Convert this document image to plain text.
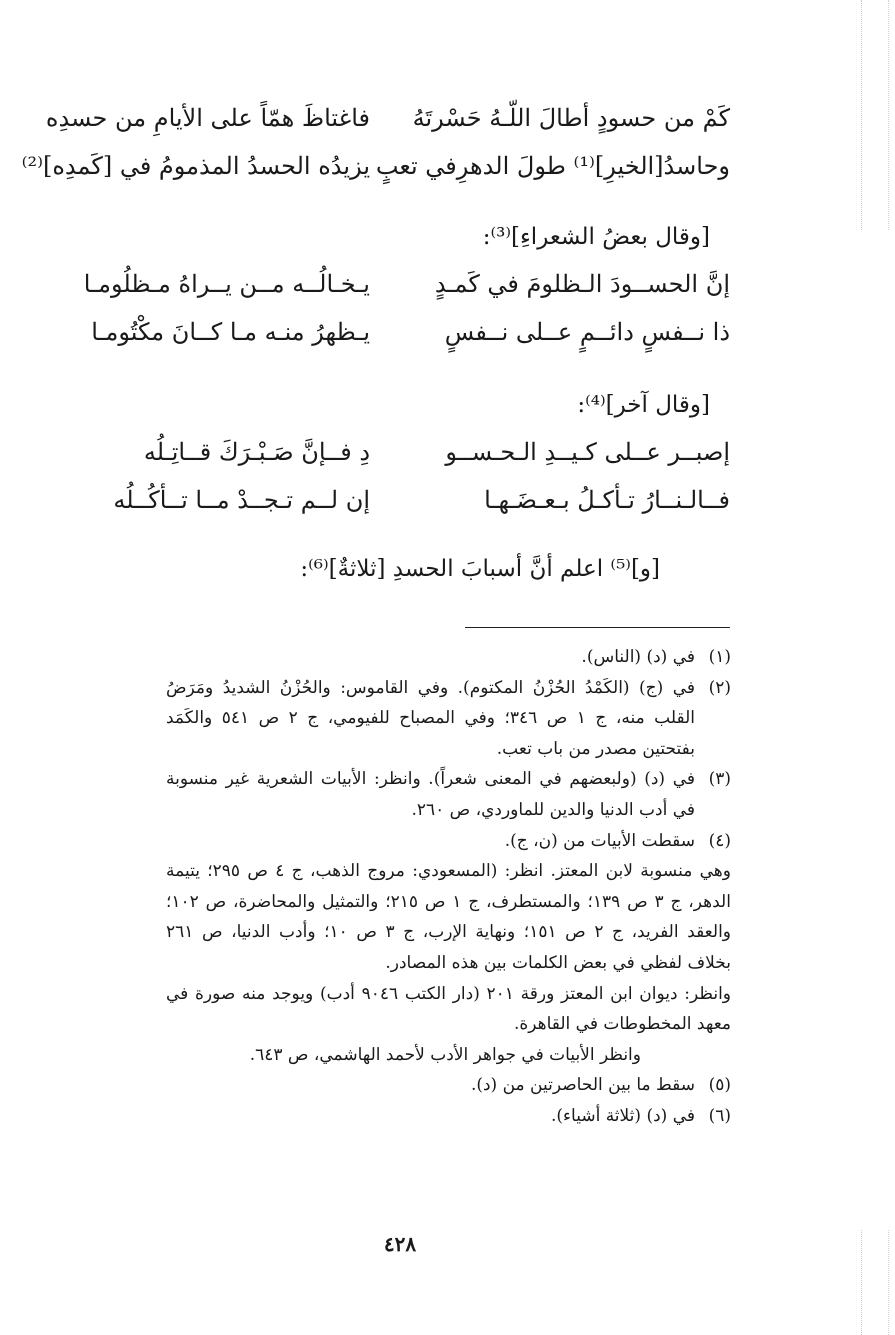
كَمْ من حسودٍ أطالَ اللّـهُ حَسْرتَهُ
فاغتاظَ همّاً على الأيامِ من حسدِه
وحاسدُ[الخيرِ]⁽¹⁾ طولَ الدهرِفي تعبٍ
يزيدُه الحسدُ المذمومُ في [كَمدِه]⁽²⁾
[وقال بعضُ الشعراءِ]⁽³⁾:
إنَّ الحســودَ الـظلومَ في كَمـدٍ
يـخـالُــه مــن يــراهُ مـظلُومـا
ذا نــفسٍ دائــمٍ عــلى نــفسٍ
يـظهرُ منـه مـا كــانَ مكْتُومـا
[وقال آخر]⁽⁴⁾:
إصبــر عــلى كـيــدِ الـحـســو
دِ فــإنَّ صَـبْـرَكَ قــاتِـلُه
فــالـنــارُ تـأكـلُ بـعـضَـهـا
إن لــم تـجــدْ مــا تــأكُــلُه
[و]⁽⁵⁾ اعلم أنَّ أسبابَ الحسدِ [ثلاثةٌ]⁽⁶⁾:
(١)
في (د) (الناس).
(٢)
في (ج) (الكَمْدُ الحُزْنُ المكتوم). وفي القاموس: والحُزْنُ الشديدُ ومَرَضُ القلب منه، ج ١ ص ٣٤٦؛ وفي المصباح للفيومي، ج ٢ ص ٥٤١ والكَمَد بفتحتين مصدر من باب تعب.
(٣)
في (د) (ولبعضهم في المعنى شعراً). وانظر: الأبيات الشعرية غير منسوبة في أدب الدنيا والدين للماوردي، ص ٢٦٠.
(٤)
سقطت الأبيات من (ن، ج).
وهي منسوبة لابن المعتز. انظر: (المسعودي: مروج الذهب، ج ٤ ص ٢٩٥؛ يتيمة الدهر، ج ٣ ص ١٣٩؛ والمستطرف، ج ١ ص ٢١٥؛ والتمثيل والمحاضرة، ص ١٠٢؛ والعقد الفريد، ج ٢ ص ١٥١؛ ونهاية الإرب، ج ٣ ص ١٠؛ وأدب الدنيا، ص ٢٦١ بخلاف لفظي في بعض الكلمات بين هذه المصادر.
وانظر: ديوان ابن المعتز ورقة ٢٠١ (دار الكتب ٩٠٤٦ أدب) ويوجد منه صورة في معهد المخطوطات في القاهرة.
وانظر الأبيات في جواهر الأدب لأحمد الهاشمي، ص ٦٤٣.
(٥)
سقط ما بين الحاصرتين من (د).
(٦)
في (د) (ثلاثة أشياء).
٤٢٨
